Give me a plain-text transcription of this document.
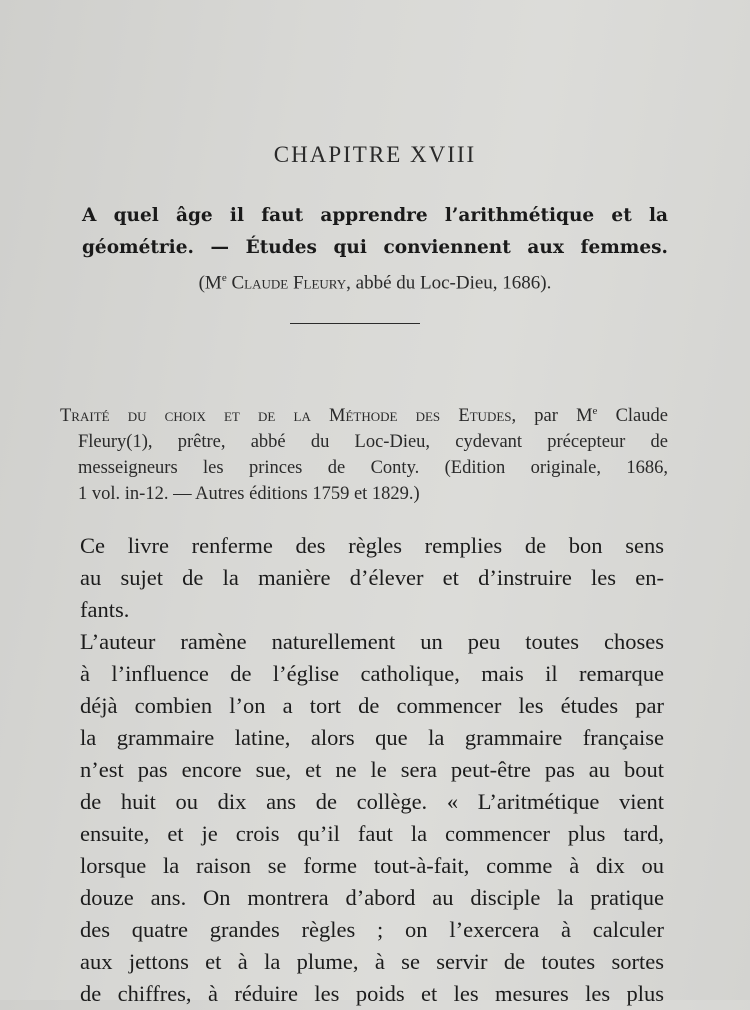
CHAPITRE XVIII
A quel âge il faut apprendre l’arithmétique et la
géométrie. — Études qui conviennent aux femmes.
(Me Claude Fleury, abbé du Loc-Dieu, 1686).
Traité du choix et de la Méthode des Etudes, par Me Claude
Fleury(1), prêtre, abbé du Loc-Dieu, cydevant précepteur de
messeigneurs les princes de Conty. (Edition originale, 1686,
1 vol. in-12. — Autres éditions 1759 et 1829.)
Ce livre renferme des règles remplies de bon sens
au sujet de la manière d’élever et d’instruire les en-
fants.
L’auteur ramène naturellement un peu toutes choses
à l’influence de l’église catholique, mais il remarque
déjà combien l’on a tort de commencer les études par
la grammaire latine, alors que la grammaire française
n’est pas encore sue, et ne le sera peut-être pas au bout
de huit ou dix ans de collège. « L’aritmétique vient
ensuite, et je crois qu’il faut la commencer plus tard,
lorsque la raison se forme tout-à-fait, comme à dix ou
douze ans. On montrera d’abord au disciple la pratique
des quatre grandes règles ; on l’exercera à calculer
aux jettons et à la plume, à se servir de toutes sortes
de chiffres, à réduire les poids et les mesures les plus
